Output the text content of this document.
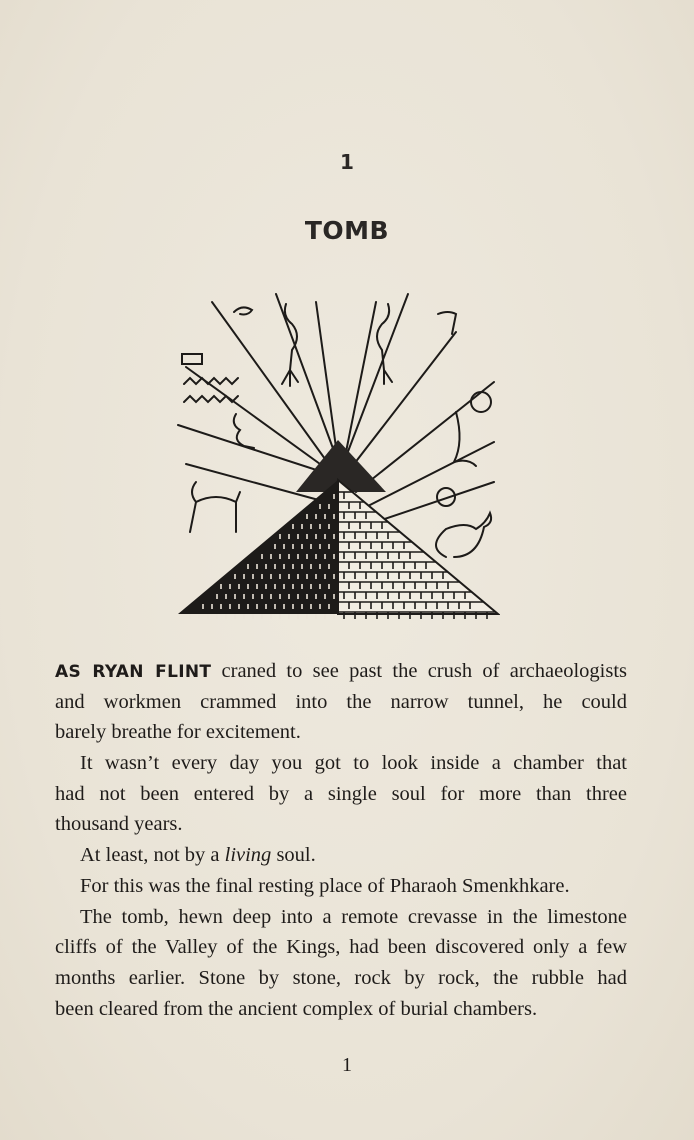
1
TOMB
AS RYAN FLINT craned to see past the crush of archaeologists
and workmen crammed into the narrow tunnel, he could
barely breathe for excitement.
It wasn’t every day you got to look inside a chamber that
had not been entered by a single soul for more than three
thousand years.
At least, not by a living soul.
For this was the final resting place of Pharaoh Smenkhkare.
The tomb, hewn deep into a remote crevasse in the limestone
cliffs of the Valley of the Kings, had been discovered only a few
months earlier. Stone by stone, rock by rock, the rubble had
been cleared from the ancient complex of burial chambers.
1
